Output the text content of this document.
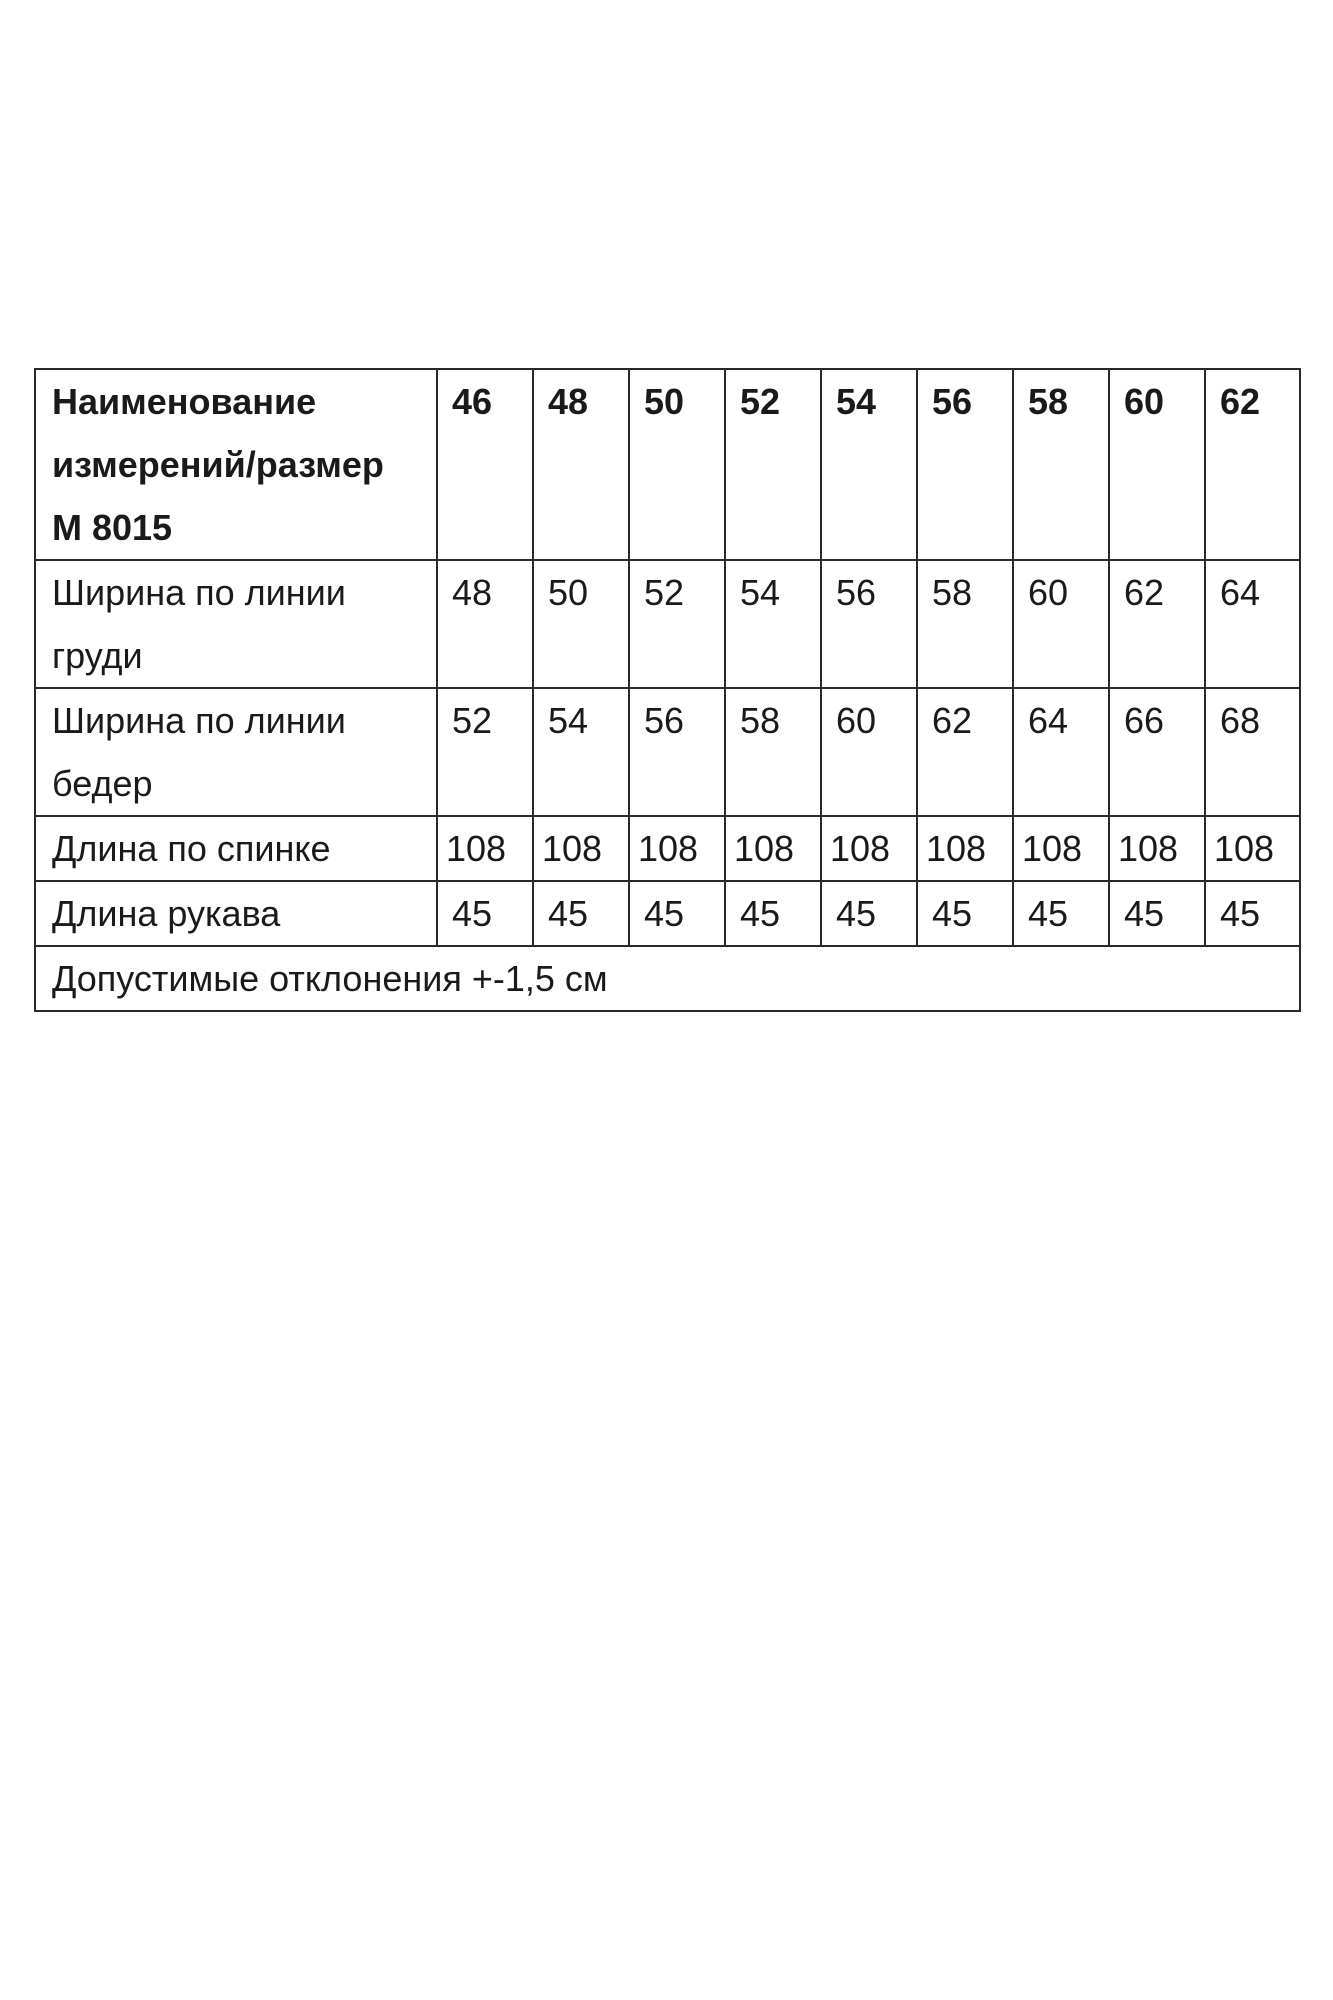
Наименование измерений/размер М 8015	46	48	50	52	54	56	58	60	62
Ширина по линии груди	48	50	52	54	56	58	60	62	64
Ширина по линии бедер	52	54	56	58	60	62	64	66	68
Длина по спинке	108	108	108	108	108	108	108	108	108
Длина рукава	45	45	45	45	45	45	45	45	45
Допустимые отклонения +-1,5 см									
